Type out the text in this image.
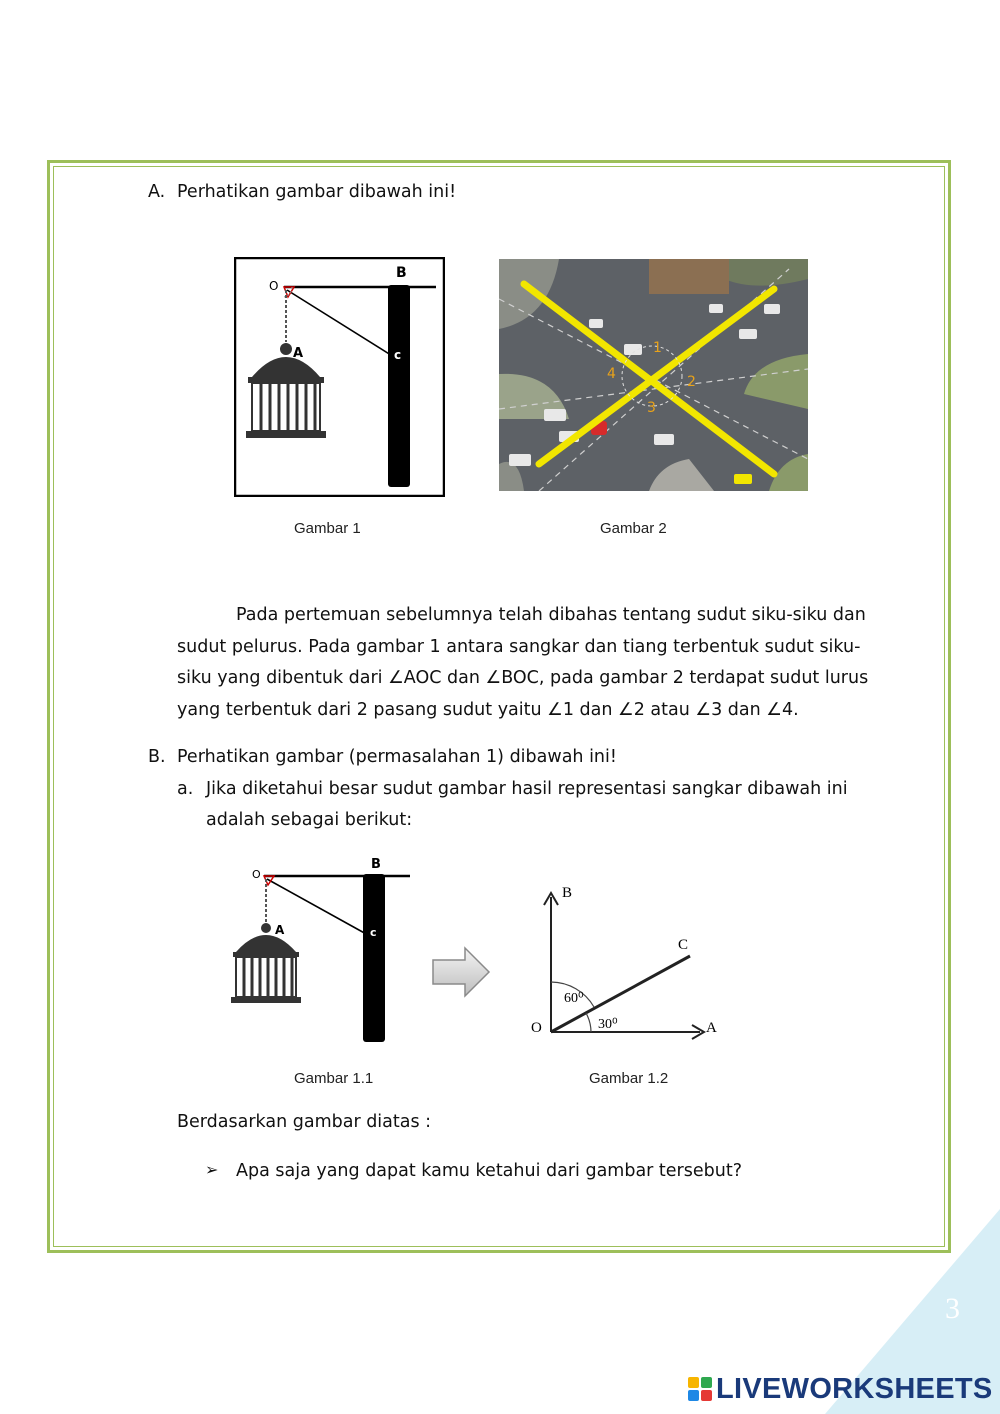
A. Perhatikan gambar dibawah ini!
O
B
A	c	1
2
3
4
Gambar 1	Gambar 2
Pada pertemuan sebelumnya telah dibahas tentang sudut siku-siku dan
sudut pelurus. Pada gambar 1 antara sangkar dan tiang terbentuk sudut siku-
siku yang dibentuk dari ∠AOC dan ∠BOC, pada gambar 2 terdapat sudut lurus
yang terbentuk dari 2 pasang sudut yaitu ∠1 dan ∠2 atau ∠3 dan ∠4.
B. Perhatikan gambar (permasalahan 1) dibawah ini!
a. Jika diketahui besar sudut gambar hasil representasi sangkar dibawah ini
adalah sebagai berikut:
O
B
A	c
B
C
O	A
60⁰
30⁰
Gambar 1.1	Gambar 1.2
Berdasarkan gambar diatas :
➢ Apa saja yang dapat kamu ketahui dari gambar tersebut?
3
LIVEWORKSHEETS
